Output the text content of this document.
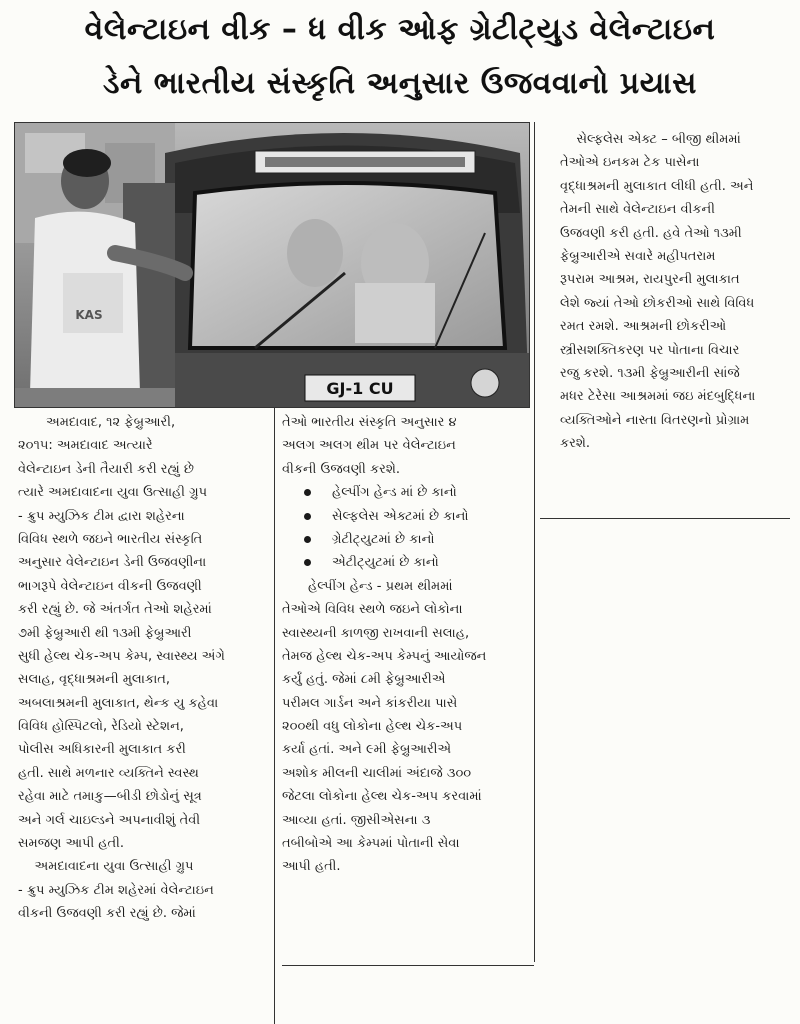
વેલેન્ટાઇન વીક – ધ વીક ઓફ ગ્રેટીટ્યુડ વેલેન્ટાઇન
ડેને ભારતીય સંસ્કૃતિ અનુસાર ઉજવવાનો પ્રયાસ
GJ-1 CU
KAS
અમદાવાદ, ૧૨ ફેબ્રુઆરી,
૨૦૧૫: અમદાવાદ અત્યારે
વેલેન્ટાઇન ડેની તૈયારી કરી રહ્યું છે
ત્યારે અમદાવાદના યુવા ઉત્સાહી ગ્રુપ
- ક્રુપ મ્યુઝિક ટીમ દ્વારા શહેરના
વિવિધ સ્થળે જઇને ભારતીય સંસ્કૃતિ
અનુસાર વેલેન્ટાઇન ડેની ઉજવણીના
ભાગરૂપે વેલેન્ટાઇન વીકની ઉજવણી
કરી રહ્યું છે. જે અંતર્ગત તેઓ શહેરમાં
૭મી ફેબ્રુઆરી થી ૧૩મી ફેબ્રુઆરી
સુધી હેલ્થ ચેક-અપ કેમ્પ, સ્વાસ્થ્ય અંગે
સલાહ, વૃદ્ધાશ્રમની મુલાકાત,
અબલાશ્રમની મુલાકાત, થેન્ક યુ કહેવા
વિવિધ હોસ્પિટલો, રેડિયો સ્ટેશન,
પોલીસ અધિકારની મુલાકાત કરી
હતી. સાથે મળનાર વ્યક્તિને સ્વસ્થ
રહેવા માટે તમાકુ—બીડી છોડોનું સૂત્ર
અને ગર્લ ચાઇલ્ડને અપનાવીશું તેવી
સમજણ આપી હતી.
અમદાવાદના યુવા ઉત્સાહી ગ્રુપ
- ક્રુપ મ્યુઝિક ટીમ શહેરમાં વેલેન્ટાઇન
વીકની ઉજવણી કરી રહ્યું છે. જેમાં
તેઓ ભારતીય સંસ્કૃતિ અનુસાર ૪
અલગ અલગ થીમ પર વેલેન્ટાઇન
વીકની ઉજવણી કરશે.
હેલ્પીંગ હેન્ડ માં છે કાનો
સેલ્ફલેસ એક્ટમાં છે કાનો
ગ્રેટીટ્યુટમાં છે કાનો
એટીટ્યુટમાં છે કાનો
હેલ્પીંગ હેન્ડ - પ્રથમ થીમમાં
તેઓએ વિવિધ સ્થળે જઇને લોકોના
સ્વાસ્થ્યની કાળજી રાખવાની સલાહ,
તેમજ હેલ્થ ચેક-અપ કેમ્પનું આયોજન
કર્યું હતું. જેમાં ૮મી ફેબ્રુઆરીએ
પરીમલ ગાર્ડન અને કાંકરીયા પાસે
૨૦૦થી વધુ લોકોના હેલ્થ ચેક-અપ
કર્યા હતાં. અને ૯મી ફેબ્રુઆરીએ
અશોક મીલની ચાલીમાં અંદાજે ૩૦૦
જેટલા લોકોના હેલ્થ ચેક-અપ કરવામાં
આવ્યા હતાં. જીસીએસના ૩
તબીબોએ આ કેમ્પમાં પોતાની સેવા
આપી હતી.
સેલ્ફલેસ એક્ટ – બીજી થીમમાં
તેઓએ ઇનકમ ટેક પાસેના
વૃદ્ધાશ્રમની મુલાકાત લીધી હતી. અને
તેમની સાથે વેલેન્ટાઇન વીકની
ઉજવણી કરી હતી. હવે તેઓ ૧૩મી
ફેબ્રુઆરીએ સવારે મહીપતરામ
રૂપરામ આશ્રમ, રાયપુરની મુલાકાત
લેશે જ્યાં તેઓ છોકરીઓ સાથે વિવિધ
રમત રમશે. આશ્રમની છોકરીઓ
સ્ત્રીસશક્તિકરણ પર પોતાના વિચાર
રજુ કરશે. ૧૩મી ફેબ્રુઆરીની સાંજે
મધર ટેરેસા આશ્રમમાં જઇ મંદબુદ્ધિના
વ્યક્તિઓને નાસ્તા વિતરણનો પ્રોગ્રામ
કરશે.
